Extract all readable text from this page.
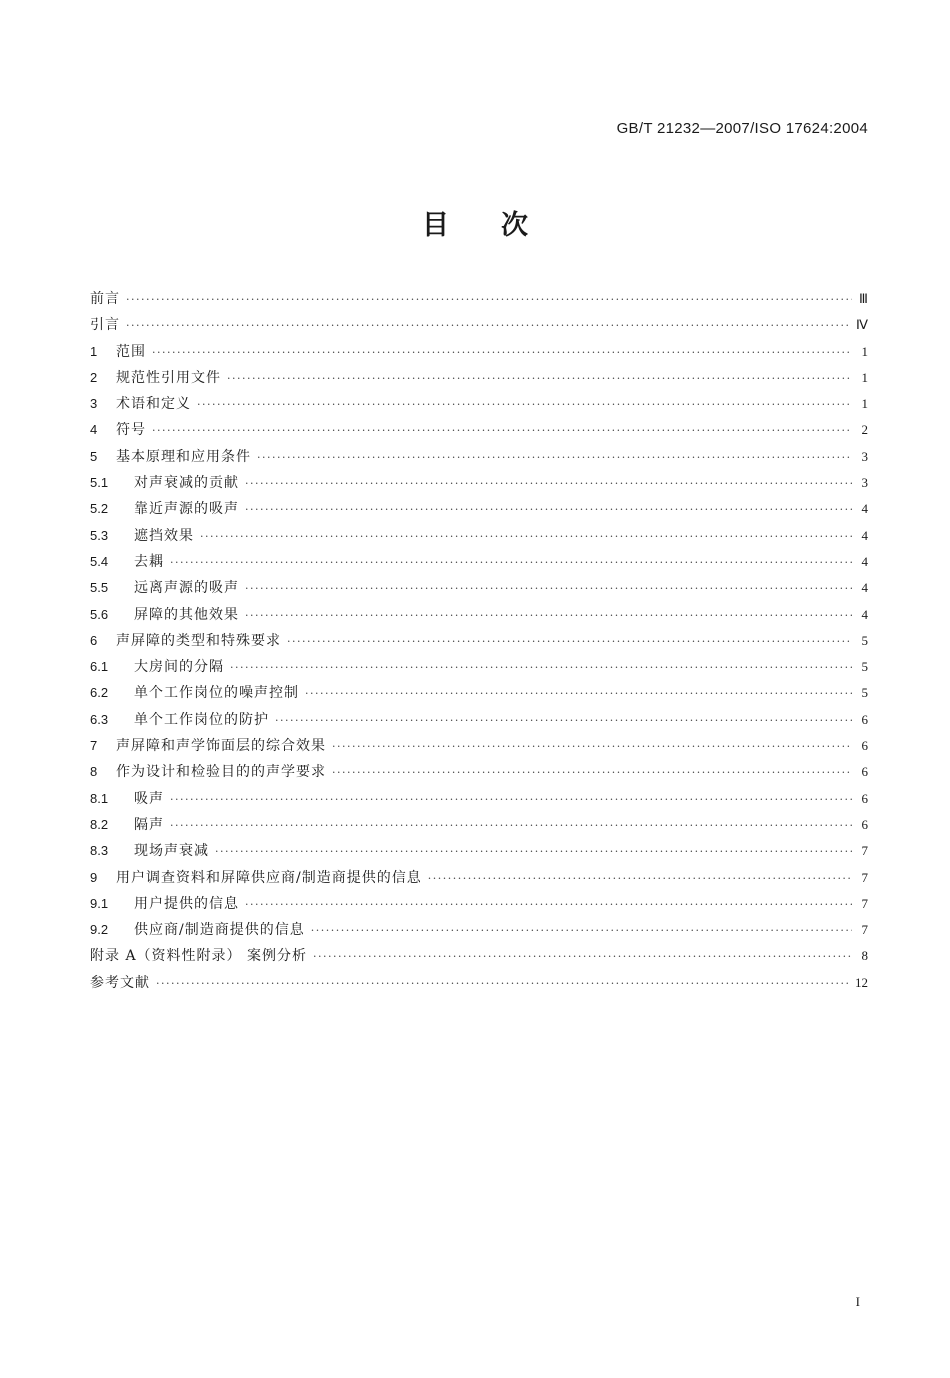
GB/T 21232—2007/ISO 17624:2004
目 次
前言 ·····	Ⅲ
引言 ·····	Ⅳ
1	范围 ·····	1
2	规范性引用文件 ·····	1
3	术语和定义 ·····	1
4	符号 ·····	2
5	基本原理和应用条件 ·····	3
5.1	对声衰减的贡献 ·····	3
5.2	靠近声源的吸声 ·····	4
5.3	遮挡效果 ·····	4
5.4	去耦 ·····	4
5.5	远离声源的吸声 ·····	4
5.6	屏障的其他效果 ·····	4
6	声屏障的类型和特殊要求 ·····	5
6.1	大房间的分隔 ·····	5
6.2	单个工作岗位的噪声控制 ·····	5
6.3	单个工作岗位的防护 ·····	6
7	声屏障和声学饰面层的综合效果 ·····	6
8	作为设计和检验目的的声学要求 ·····	6
8.1	吸声 ·····	6
8.2	隔声 ·····	6
8.3	现场声衰减 ·····	7
9	用户调查资料和屏障供应商/制造商提供的信息 ·····	7
9.1	用户提供的信息 ·····	7
9.2	供应商/制造商提供的信息 ·····	7
附录 A（资料性附录） 案例分析 ·····	8
参考文献 ·····	12
I
